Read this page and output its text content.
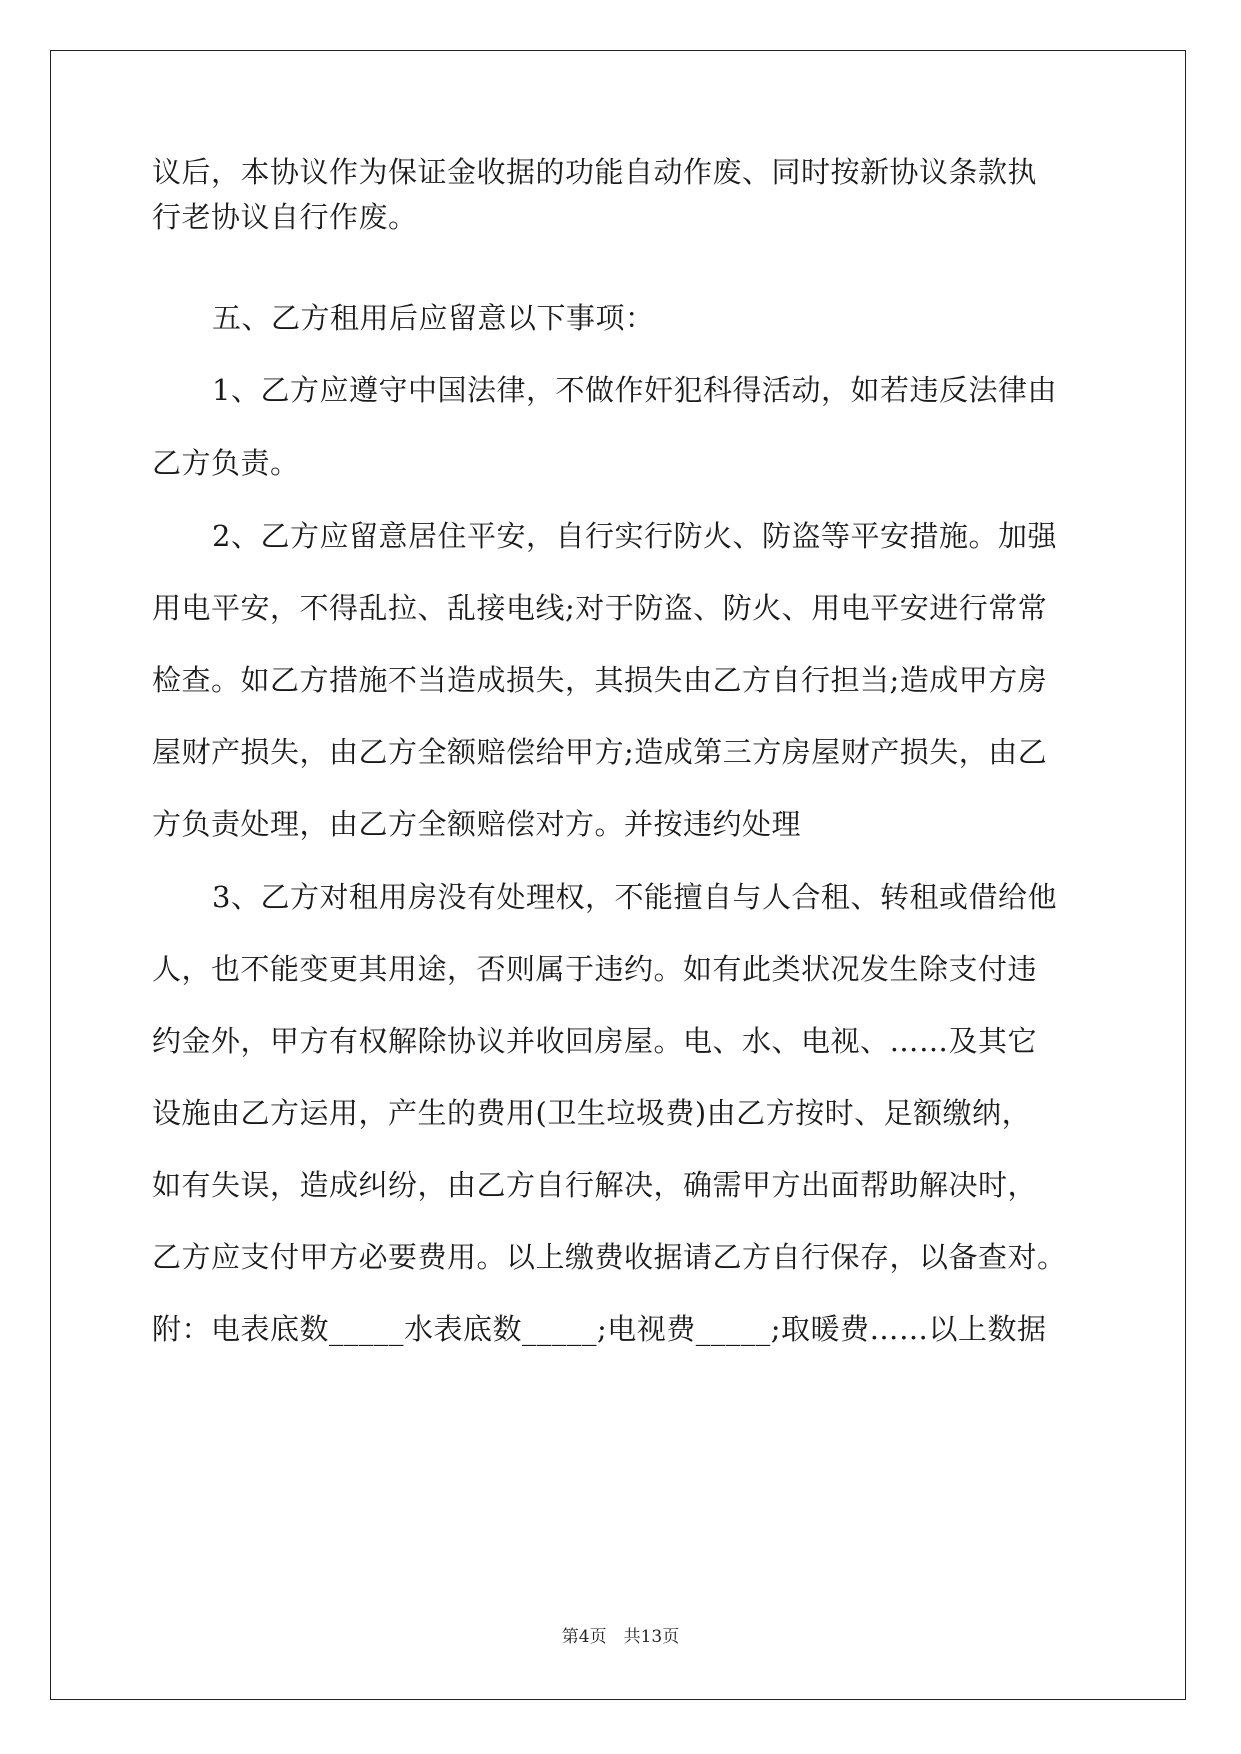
议后，本协议作为保证金收据的功能自动作废、同时按新协议条款执
行老协议自行作废。
五、乙方租用后应留意以下事项：
1、乙方应遵守中国法律，不做作奸犯科得活动，如若违反法律由
乙方负责。
2、乙方应留意居住平安，自行实行防火、防盗等平安措施。加强
用电平安，不得乱拉、乱接电线;对于防盗、防火、用电平安进行常常
检查。如乙方措施不当造成损失，其损失由乙方自行担当;造成甲方房
屋财产损失，由乙方全额赔偿给甲方;造成第三方房屋财产损失，由乙
方负责处理，由乙方全额赔偿对方。并按违约处理
3、乙方对租用房没有处理权，不能擅自与人合租、转租或借给他
人，也不能变更其用途，否则属于违约。如有此类状况发生除支付违
约金外，甲方有权解除协议并收回房屋。电、水、电视、……及其它
设施由乙方运用，产生的费用(卫生垃圾费)由乙方按时、足额缴纳，
如有失误，造成纠纷，由乙方自行解决，确需甲方出面帮助解决时，
乙方应支付甲方必要费用。以上缴费收据请乙方自行保存，以备查对。
附：电表底数_____水表底数_____;电视费_____;取暖费……以上数据
第4页　共13页
